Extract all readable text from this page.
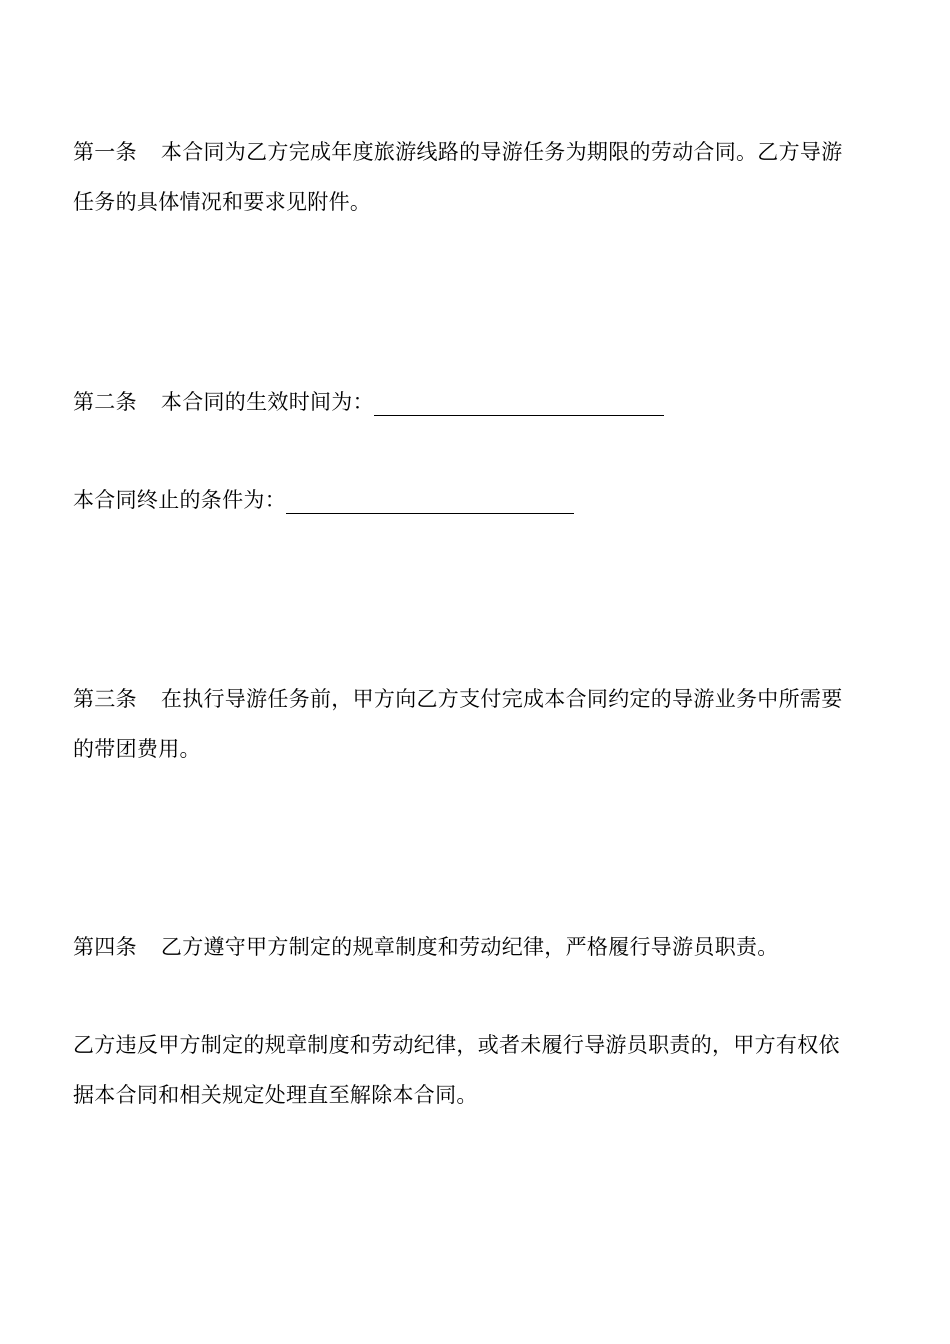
第一条 本合同为乙方完成年度旅游线路的导游任务为期限的劳动合同。乙方导游
任务的具体情况和要求见附件。
第二条 本合同的生效时间为：
本合同终止的条件为：
第三条 在执行导游任务前，甲方向乙方支付完成本合同约定的导游业务中所需要
的带团费用。
第四条 乙方遵守甲方制定的规章制度和劳动纪律，严格履行导游员职责。
乙方违反甲方制定的规章制度和劳动纪律，或者未履行导游员职责的，甲方有权依
据本合同和相关规定处理直至解除本合同。
